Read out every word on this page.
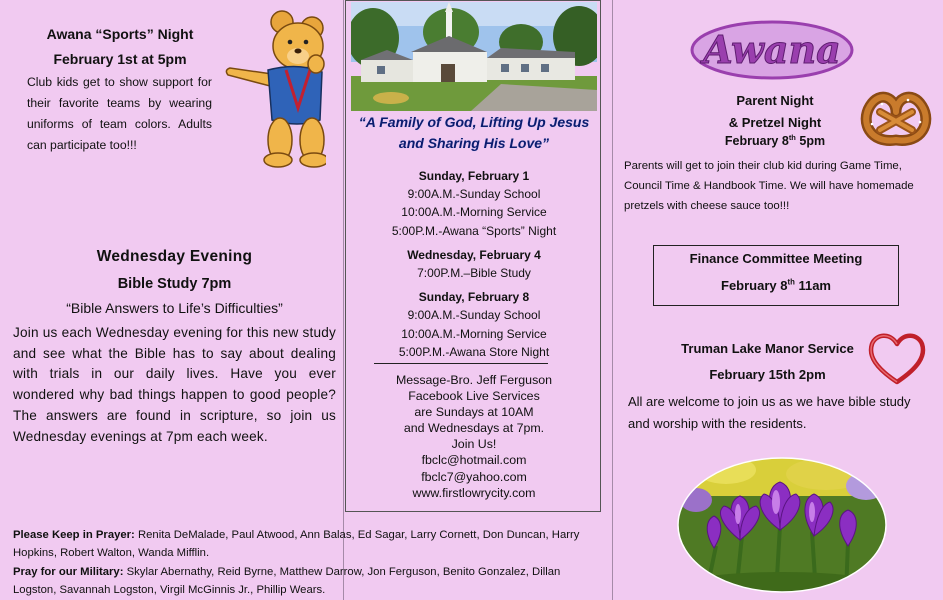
Awana “Sports” Night
February 1st at 5pm
Club kids get to show support for their favorite teams by wearing uniforms of team colors. Adults can participate too!!!
Wednesday Evening
Bible Study 7pm
“Bible Answers to Life’s Difficulties”
Join us each Wednesday evening for this new study and see what the Bible has to say about dealing with trials in our daily lives. Have you ever wondered why bad things happen to good people? The answers are found in scripture, so join us Wednesday evenings at 7pm each week.
Please Keep in Prayer: Renita DeMalade, Paul Atwood, Ann Balas, Ed Sagar, Larry Cornett, Don Duncan, Harry Hopkins, Robert Walton, Wanda Mifflin.
Pray for our Military: Skylar Abernathy, Reid Byrne, Matthew Darrow, Jon Ferguson, Benito Gonzalez, Dillan Logston, Savannah Logston, Virgil McGinnis Jr., Phillip Wears.
“A Family of God, Lifting Up Jesus and Sharing His Love”
Sunday, February 1
9:00A.M.-Sunday School
10:00A.M.-Morning Service
5:00P.M.-Awana “Sports” Night
Wednesday, February 4
7:00P.M.–Bible Study
Sunday, February 8
9:00A.M.-Sunday School
10:00A.M.-Morning Service
5:00P.M.-Awana Store Night
Message-Bro. Jeff Ferguson
Facebook Live Services
are Sundays at 10AM
and Wednesdays at 7pm.
Join Us!
fbclc@hotmail.com
fbclc7@yahoo.com
www.firstlowrycity.com
Awana
Parent Night
& Pretzel Night
February 8th 5pm
Parents will get to join their club kid during Game Time, Council Time & Handbook Time. We will have homemade pretzels with cheese sauce too!!!
Finance Committee Meeting
February 8th 11am
Truman Lake Manor Service
February 15th 2pm
All are welcome to join us as we have bible study and worship with the residents.
